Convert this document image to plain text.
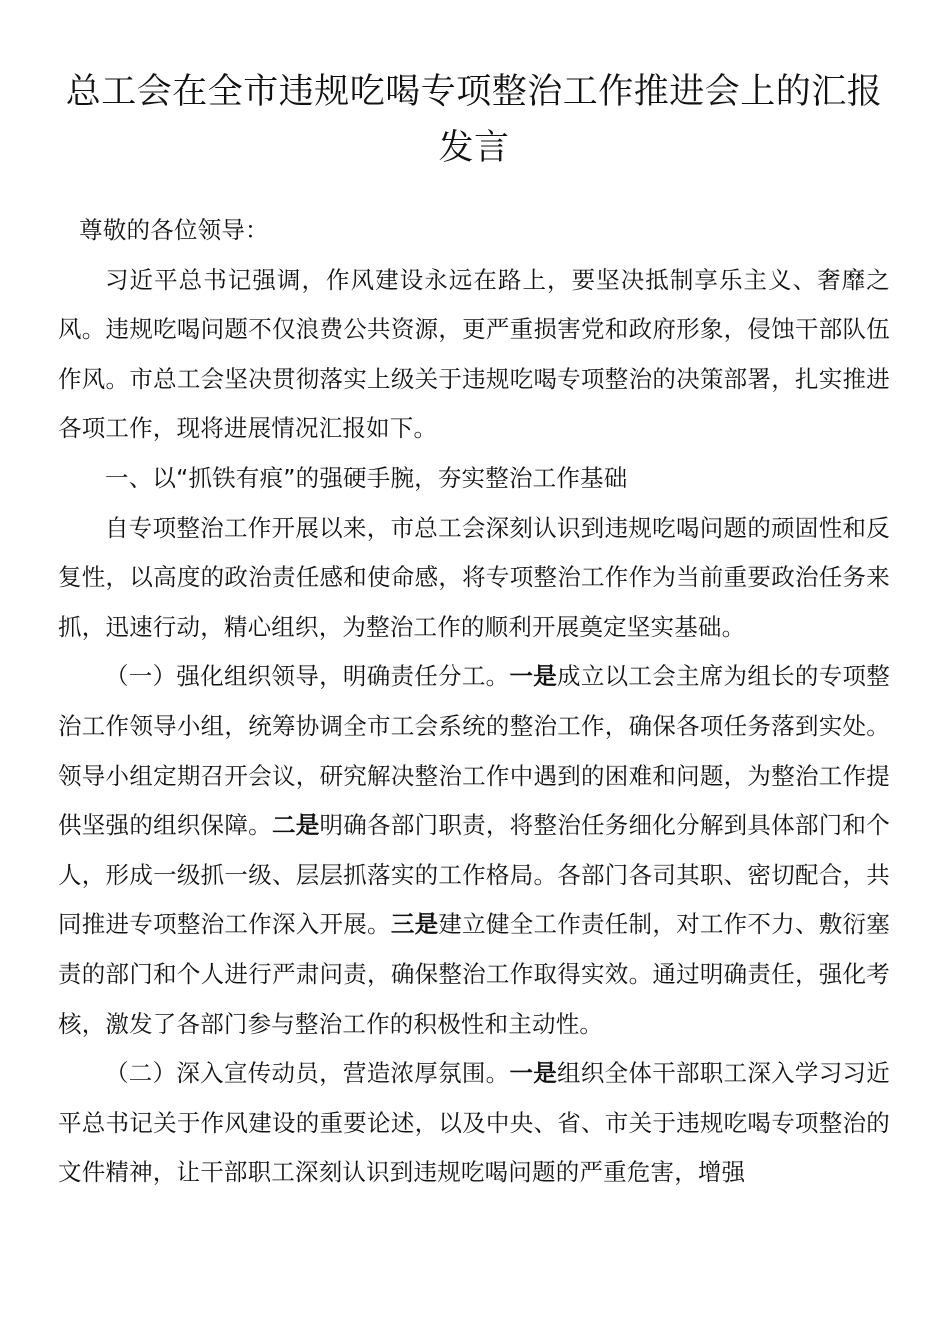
总工会在全市违规吃喝专项整治工作推进会上的汇报
发言

尊敬的各位领导：

习近平总书记强调，作风建设永远在路上，要坚决抵制享乐主义、奢靡之风。违规吃喝问题不仅浪费公共资源，更严重损害党和政府形象，侵蚀干部队伍作风。市总工会坚决贯彻落实上级关于违规吃喝专项整治的决策部署，扎实推进各项工作，现将进展情况汇报如下。

一、以“抓铁有痕”的强硬手腕，夯实整治工作基础

自专项整治工作开展以来，市总工会深刻认识到违规吃喝问题的顽固性和反复性，以高度的政治责任感和使命感，将专项整治工作作为当前重要政治任务来抓，迅速行动，精心组织，为整治工作的顺利开展奠定坚实基础。

（一）强化组织领导，明确责任分工。一是成立以工会主席为组长的专项整治工作领导小组，统筹协调全市工会系统的整治工作，确保各项任务落到实处。领导小组定期召开会议，研究解决整治工作中遇到的困难和问题，为整治工作提供坚强的组织保障。二是明确各部门职责，将整治任务细化分解到具体部门和个人，形成一级抓一级、层层抓落实的工作格局。各部门各司其职、密切配合，共同推进专项整治工作深入开展。三是建立健全工作责任制，对工作不力、敷衍塞责的部门和个人进行严肃问责，确保整治工作取得实效。通过明确责任，强化考核，激发了各部门参与整治工作的积极性和主动性。

（二）深入宣传动员，营造浓厚氛围。一是组织全体干部职工深入学习习近平总书记关于作风建设的重要论述，以及中央、省、市关于违规吃喝专项整治的文件精神，让干部职工深刻认识到违规吃喝问题的严重危害，增强
